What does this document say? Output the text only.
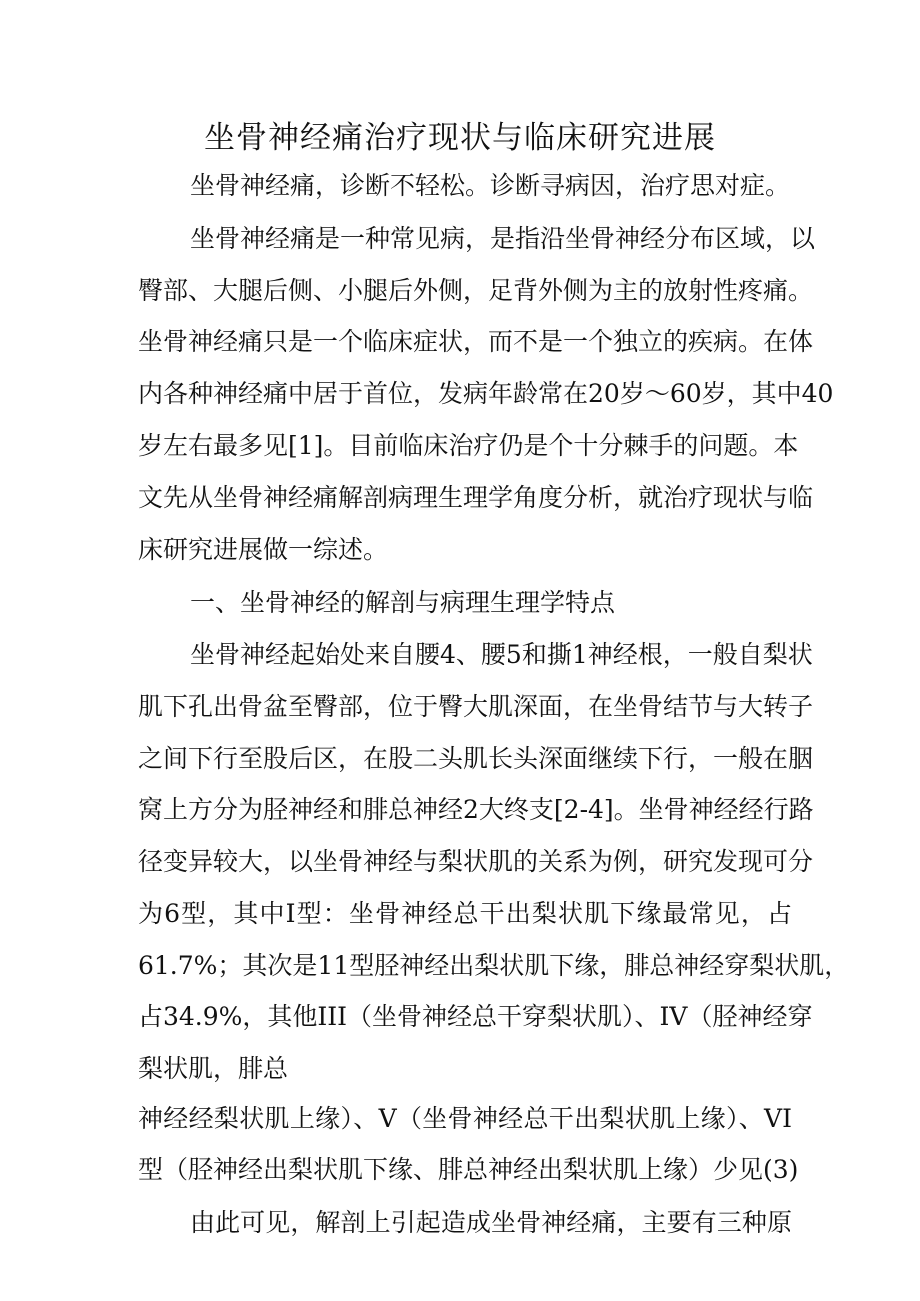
坐骨神经痛治疗现状与临床研究进展

坐骨神经痛，诊断不轻松。诊断寻病因，治疗思对症。

坐骨神经痛是一种常见病，是指沿坐骨神经分布区域，以

臀部、大腿后侧、小腿后外侧，足背外侧为主的放射性疼痛。

坐骨神经痛只是一个临床症状，而不是一个独立的疾病。在体

内各种神经痛中居于首位，发病年龄常在20岁～60岁，其中40

岁左右最多见[1]。目前临床治疗仍是个十分棘手的问题。本

文先从坐骨神经痛解剖病理生理学角度分析，就治疗现状与临

床研究进展做一综述。

一、坐骨神经的解剖与病理生理学特点

坐骨神经起始处来自腰4、腰5和撕1神经根，一般自梨状

肌下孔出骨盆至臀部，位于臀大肌深面，在坐骨结节与大转子

之间下行至股后区，在股二头肌长头深面继续下行，一般在胭

窝上方分为胫神经和腓总神经2大终支[2-4]。坐骨神经经行路

径变异较大，以坐骨神经与梨状肌的关系为例，研究发现可分

为6型，其中I型：坐骨神经总干出梨状肌下缘最常见，占

61.7%；其次是11型胫神经出梨状肌下缘，腓总神经穿梨状肌，

占34.9%，其他III（坐骨神经总干穿梨状肌）、IV（胫神经穿

梨状肌，腓总

神经经梨状肌上缘）、V（坐骨神经总干出梨状肌上缘）、VI

型（胫神经出梨状肌下缘、腓总神经出梨状肌上缘）少见(3)

由此可见，解剖上引起造成坐骨神经痛，主要有三种原
